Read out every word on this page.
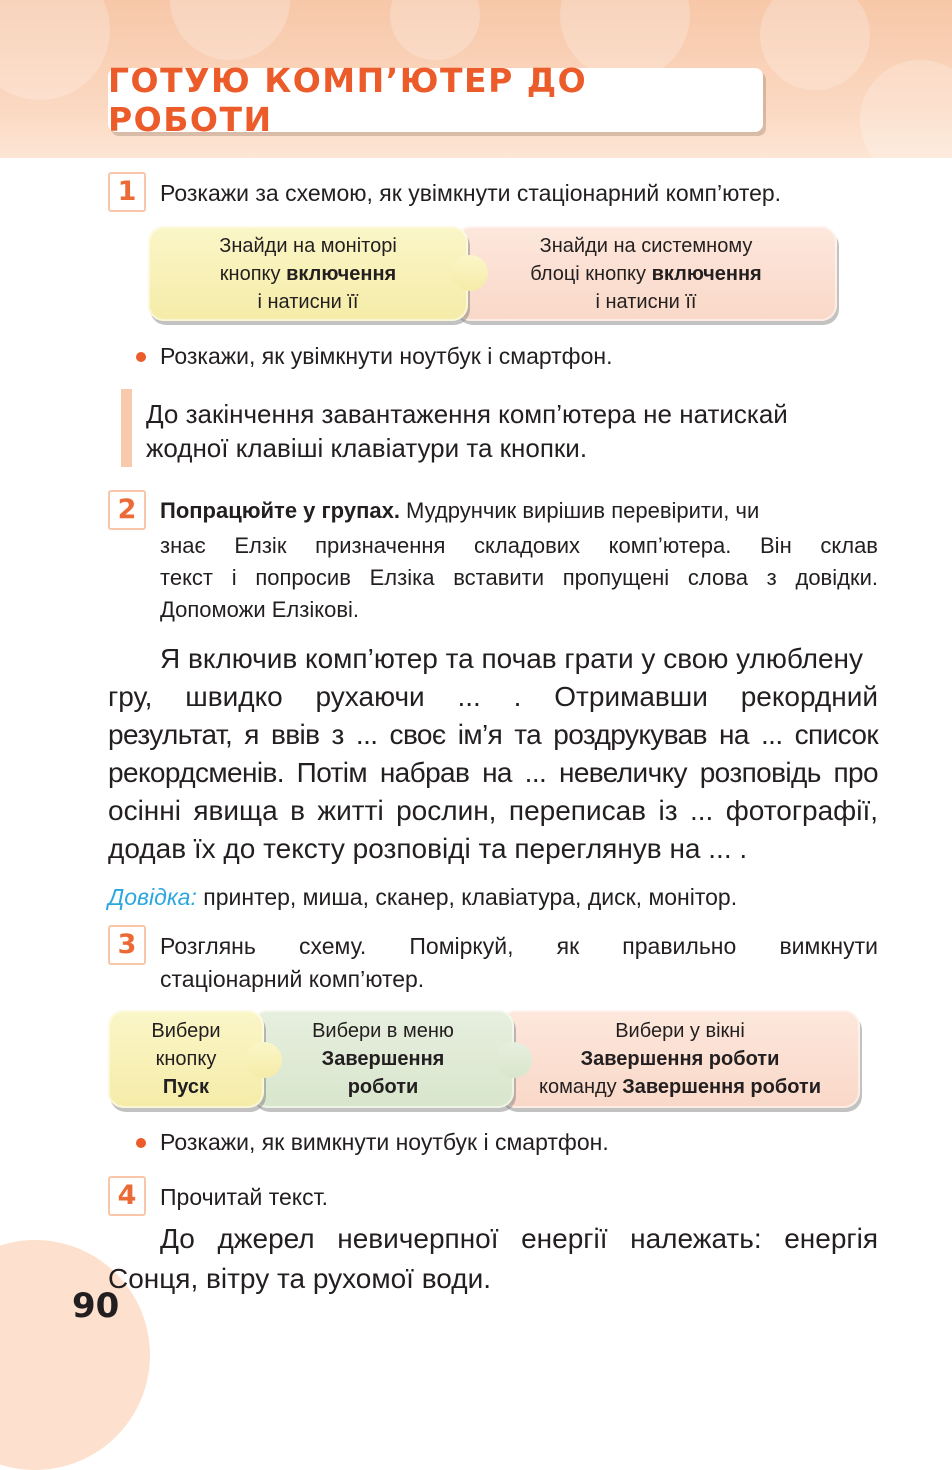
ГОТУЮ КОМП’ЮТЕР ДО РОБОТИ
1	Розкажи за схемою, як увімкнути стаціонарний комп’ютер.
Знайди на системному
блоці кнопку включення
і натисни її
Знайди на моніторі
кнопку включення
і натисни її
Розкажи, як увімкнути ноутбук і смартфон.
До закінчення завантаження комп’ютера не натискай
жодної клавіші клавіатури та кнопки.
2	Попрацюйте у групах. Мудрунчик вирішив перевірити, чи
знає Елзік призначення складових комп’ютера. Він склав
текст і попросив Елзіка вставити пропущені слова з довідки.
Допоможи Елзікові.
Я включив комп’ютер та почав грати у свою улюблену
гру, швидко рухаючи ... . Отримавши рекордний
результат, я ввів з ... своє ім’я та роздрукував на ... список
рекордсменів. Потім набрав на ... невеличку розповідь про
осінні явища в житті рослин, переписав із ... фотографії,
додав їх до тексту розповіді та переглянув на ... .
Довідка: принтер, миша, сканер, клавіатура, диск, монітор.
3	Розглянь схему. Поміркуй, як правильно вимкнути
стаціонарний комп’ютер.
Вибери у вікні
Завершення роботи
команду Завершення роботи
Вибери в меню
Завершення
роботи
Вибери
кнопку
Пуск
Розкажи, як вимкнути ноутбук і смартфон.
4	Прочитай текст.
До джерел невичерпної енергії належать: енергія
Сонця, вітру та рухомої води.
90
